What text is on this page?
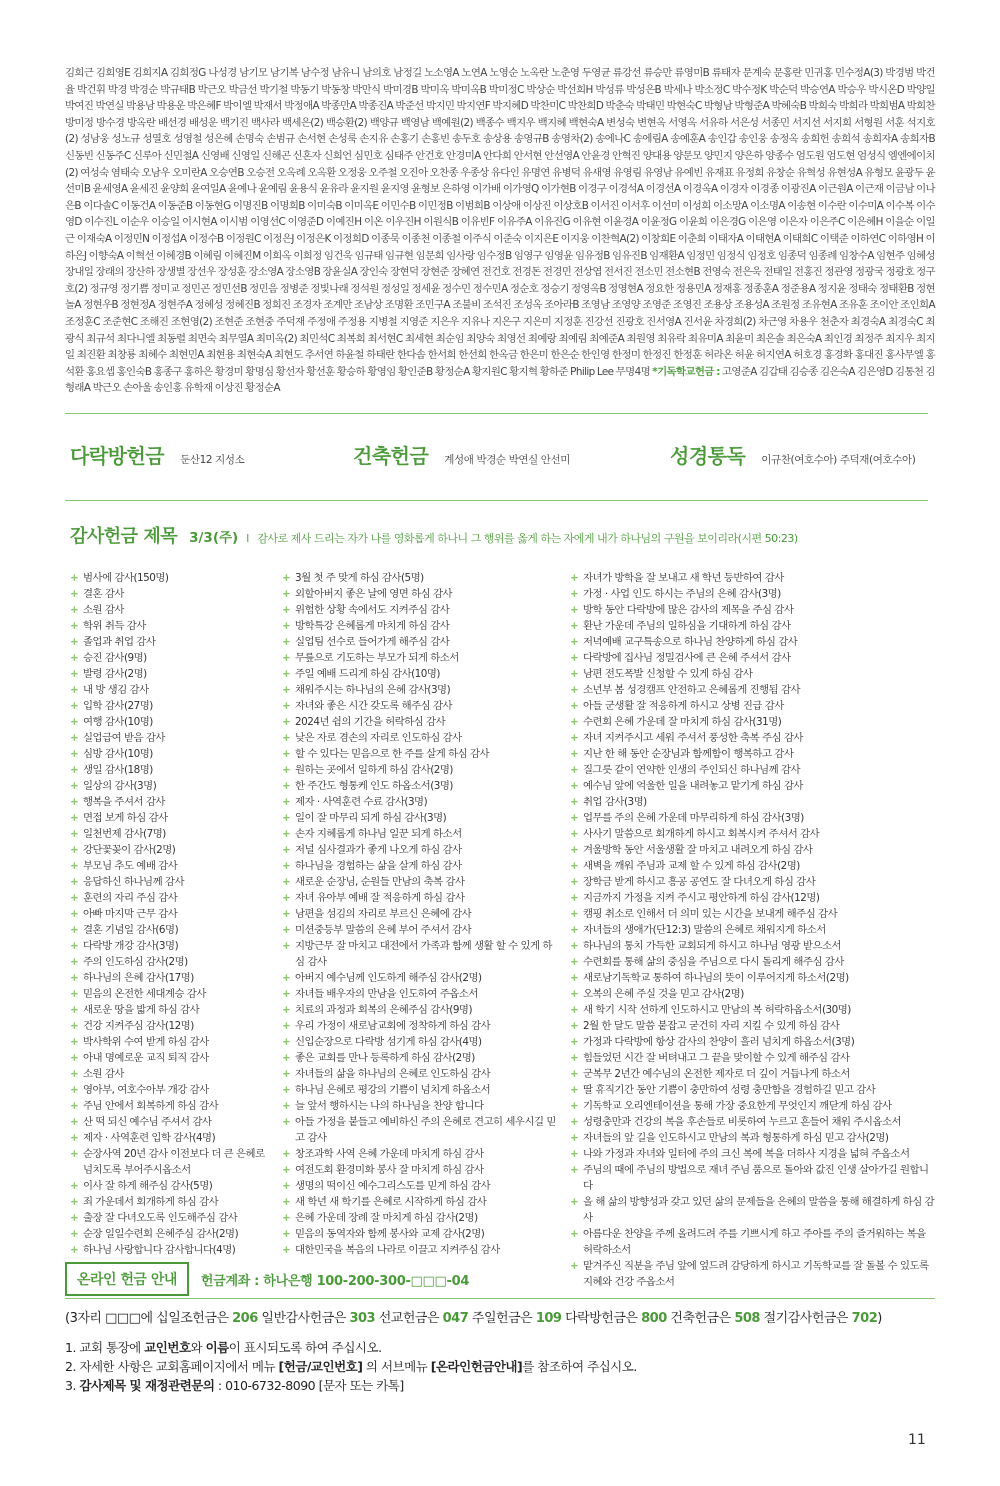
김희근 김희영E 김희지A 김희정G 나성경 남기모 남기복 남수정 남유니 남의호 남정길 노소영A 노연A 노영순 노옥란 노춘영 두영균 류강선 류승만 류영미B 류태자 문계숙 문홍란 민귀홍 민수정A(3) 박경범 박건율 박건휘 박경 박경순 박규태B 박근오 박금선 박기철 박동기 박동창 박만식 박미경B 박미옥 박미옥B 박미정C 박상순 박선희H 박성류 박성은B 박세나 박소정C 박수정K 박순덕 박승연A 박승우 박시온D 박양일 박여진 박연실 박용남 박용운 박은혜F 박이엘 박재서 박정애A 박종만A 박종진A 박준선 박지민 박지연F 박지혜D 박찬미C 박찬희D 박춘숙 박태민 박현숙C 박형남 박형준A 박혜숙B 박희숙 박희라 박희범A 박희찬 방미정 방수경 방옥란 배선경 배성운 백기진 백사라 백세은(2) 백승환(2) 백양규 백영남 백예원(2) 백종수 백지우 백지혜 백현숙A 변성숙 변현옥 서영옥 서유하 서은성 서종민 서지선 서지희 서형원 서훈 석지호(2) 성남웅 성노규 성열호 성영철 성은혜 손명숙 손범규 손서현 손성룩 손지유 손홍기 손홍빈 송두호 송상용 송영규B 송영차(2) 송에나C 송에림A 송예훈A 송인갑 송인웅 송정옥 송희헌 송희석 송희자A 송희자B 신동빈 신동주C 신루아 신민철A 신영배 신영일 신해곤 신혼자 신희언 심민호 심태주 안건호 안경미A 안다희 안서현 안선영A 안윤경 안혁진 양대용 양문모 양민지 양은하 양종수 엄도원 엄도현 엄성식 엠엔에이치(2) 여성숙 염태숙 오남우 오미란A 오승연B 오승전 오옥례 오옥환 오정웅 오주철 오진아 오찬종 우종상 유다인 유명연 유병덕 유새영 유영림 유영남 유예빈 유재표 유정희 유창순 유혁성 유현성A 유형모 윤광두 윤선미B 윤세영A 윤세진 윤양희 윤여일A 윤예나 윤예림 윤용식 윤유라 윤지원 윤지영 윤형보 은하영 이가배 이가영Q 이가현B 이경구 이경석A 이경선A 이경옥A 이경자 이경종 이광진A 이근원A 이근재 이금남 이나은B 이다솔C 이동건A 이동준B 이동현G 이명진B 이명희B 이미숙B 이미옥E 이민수B 이민정B 이범희B 이상애 이상진 이상호B 이서진 이서후 이선미 이성희 이소망A 이소명A 이송현 이수란 이수미A 이수복 이수영D 이수진L 이순우 이승일 이시현A 이시범 이영선C 이영준D 이예진H 이온 이우진H 이원식B 이유빈F 이유주A 이유진G 이유현 이윤경A 이윤정G 이윤희 이은경G 이은영 이은자 이은주C 이은혜H 이을순 이일근 이재숙A 이정민N 이정섭A 이정수B 이정원C 이정은J 이정은K 이정희D 이종묵 이종천 이종철 이주식 이준숙 이지은E 이지웅 이찬혁A(2) 이창희E 이춘희 이태자A 이태현A 이태희C 이택준 이하연C 이하영H 이하은J 이향숙A 이혁선 이혜경B 이혜림 이혜진M 이희옥 이희정 임건욱 임규태 임규현 임문희 임사랑 임수정B 임영구 임영윤 임유정B 임유진B 임재환A 임정민 임정식 임정호 임종덕 임종례 임창수A 임현주 임혜성 장내일 장래의 장산하 장생별 장선우 장성훈 장소영A 장소영B 장윤실A 장인숙 장현덕 장현준 장혜연 전건호 전경돈 전경민 전상엽 전서진 전소민 전소현B 전영숙 전은욱 전태일 전홍진 정관영 정광국 정광호 정구호(2) 정규영 정기쁨 정미교 정민곤 정민선B 정민음 정병준 정빛나래 정석원 정성일 정세윤 정수민 정수민A 정순호 정승기 정영옥B 정영현A 정요한 정용민A 정재홍 정종훈A 정준용A 정지윤 정태숙 정태환B 정현놀A 정현우B 정현정A 정현주A 정혜성 정혜진B 정희진 조경자 조계만 조남상 조명환 조민구A 조불비 조석진 조성옥 조아라B 조영남 조영양 조영준 조영진 조용상 조용성A 조원정 조유현A 조유훈 조이안 조인희A 조정훈C 조준현C 조해진 조현영(2) 조현준 조현중 주덕재 주정애 주정용 지병철 지영준 지은우 지유나 지은구 지은미 지정훈 진강선 진광호 진서영A 진서윤 차경희(2) 차근영 차용우 천춘자 최경숙A 최경숙C 최광식 최규석 최다니엘 최동렬 최면숙 최무열A 최미옥(2) 최민석C 최복희 최서현C 최세현 최순임 최양숙 최영선 최예랑 최예림 최예준A 최원영 최유락 최유미A 최윤미 최은솔 최은숙A 최인경 최정주 최지우 최지일 최진환 최창룡 최혜수 최현민A 최현용 최현숙A 최현도 추서연 하윤철 하태란 한다솜 한서희 한선희 한옥금 한은미 한은순 한인영 한정미 한정진 한정훈 허라온 허윤 허지연A 허호경 홍경화 홍대진 홍사무엘 홍석환 홍요셉 홍인숙B 홍종구 홍하은 황경미 황명심 황선자 황선훈 황승하 황영임 황인준B 황정순A 황지원C 황지혁 황하준 Philip Lee 무명4명 *기독학교헌금 : 고영준A 김갑태 김승종 김은숙A 김은영D 김통천 김형래A 박근오 손아울 송인홍 유학재 이상진 황정순A
다락방헌금 둔산12 지성소	건축헌금 계성애 박경순 박연실 안선미	성경통독 이규찬(여호수아) 주덕재(여호수아)
감사헌금 제목 3/3(주) l 감사로 제사 드리는 자가 나를 영화롭게 하나니 그 행위를 옳게 하는 자에게 내가 하나님의 구원을 보이리라(시편 50:23)
+ 범사에 감사(150명)
+ 결혼 감사
+ 소원 감사
+ 학위 취득 감사
+ 졸업과 취업 감사
+ 승진 감사(9명)
+ 발령 감사(2명)
+ 내 방 생김 감사
+ 입학 감사(27명)
+ 여행 감사(10명)
+ 실업급여 받음 감사
+ 심방 감사(10명)
+ 생일 감사(18명)
+ 일상의 감사(3명)
+ 행복을 주셔서 감사
+ 면접 보게 하심 감사
+ 일천번제 감사(7명)
+ 강단꽃꽂이 감사(2명)
+ 부모님 추도 예배 감사
+ 응답하신 하나님께 감사
+ 훈련의 자리 주심 감사
+ 아빠 마지막 근무 감사
+ 결혼 기념일 감사(6명)
+ 다락방 개강 감사(3명)
+ 주의 인도하심 감사(2명)
+ 하나님의 은혜 감사(17명)
+ 믿음의 온전한 세대계승 감사
+ 새로운 땅을 밟게 하심 감사
+ 건강 지켜주심 감사(12명)
+ 박사학위 수여 받게 하심 감사
+ 아내 명예로운 교직 퇴직 감사
+ 소원 감사
+ 영아부, 여호수아부 개강 감사
+ 주님 안에서 회복하게 하심 감사
+ 산 떡 되신 예수님 주셔서 감사
+ 제자 · 사역훈련 입학 감사(4명)
+ 순장사역 20년 감사 이전보다 더 큰 은혜로 넘치도록 부어주시옵소서
+ 이사 잘 하게 해주심 감사(5명)
+ 죄 가운데서 회개하게 하심 감사
+ 출장 잘 다녀오도록 인도해주심 감사
+ 순장 일일수련회 은혜주심 감사(2명)
+ 하나님 사랑합니다 감사합니다(4명)
+ 3월 첫 주 맞게 하심 감사(5명)
+ 외할아버지 좋은 날에 영면 하심 감사
+ 위험한 상황 속에서도 지켜주심 감사
+ 방학특강 은혜롭게 마치게 하심 감사
+ 실업팀 선수로 들어가게 해주심 감사
+ 무릎으로 기도하는 부모가 되게 하소서
+ 주일 예배 드리게 하심 감사(10명)
+ 채워주시는 하나님의 은혜 감사(3명)
+ 자녀와 좋은 시간 갖도록 해주심 감사
+ 2024년 쉼의 기간을 허락하심 감사
+ 낮은 자로 겸손의 자리로 인도하심 감사
+ 할 수 있다는 믿음으로 한 주를 살게 하심 감사
+ 원하는 곳에서 일하게 하심 감사(2명)
+ 한 주간도 형통케 인도 하옵소서(3명)
+ 제자 · 사역훈련 수료 감사(3명)
+ 일이 잘 마무리 되게 하심 감사(3명)
+ 손자 지혜롭게 하나님 일꾼 되게 하소서
+ 저널 심사결과가 좋게 나오게 하심 감사
+ 하나님을 경험하는 삶을 살게 하심 감사
+ 새로운 순장님, 순원들 만남의 축복 감사
+ 자녀 유아부 예배 잘 적응하게 하심 감사
+ 남편을 섬김의 자리로 부르신 은혜에 감사
+ 미션중등부 말씀의 은혜 부어 주셔서 감사
+ 지방근무 잘 마치고 대전에서 가족과 함께 생활 할 수 있게 하심 감사
+ 아버지 예수님께 인도하게 해주심 감사(2명)
+ 자녀들 배우자의 만남을 인도하여 주옵소서
+ 치료의 과정과 회복의 은혜주심 감사(9명)
+ 우리 가정이 새로남교회에 정착하게 하심 감사
+ 신입순장으로 다락방 섬기게 하심 감사(4명)
+ 좋은 교회를 만나 등록하게 하심 감사(2명)
+ 자녀들의 삶을 하나님의 은혜로 인도하심 감사
+ 하나님 은혜로 평강의 기쁨이 넘치게 하옵소서
+ 늘 앞서 행하시는 나의 하나님을 찬양 합니다
+ 아들 가정을 붙들고 예비하신 주의 은혜로 견고히 세우시길 믿고 감사
+ 창조과학 사역 은혜 가운데 마치게 하심 감사
+ 여전도회 환경미화 봉사 잘 마치게 하심 감사
+ 생명의 떡이신 예수그리스도를 믿게 하심 감사
+ 새 학년 새 학기를 은혜로 시작하게 하심 감사
+ 은혜 가운데 장례 잘 마치게 하심 감사(2명)
+ 믿음의 동역자와 함께 봉사와 교제 감사(2명)
+ 대한민국을 복음의 나라로 이끌고 지켜주심 감사
+ 자녀가 방학을 잘 보내고 새 학년 등반하여 감사
+ 가정 · 사업 인도 하시는 주님의 은혜 감사(3명)
+ 방학 동안 다락방에 많은 감사의 제목을 주심 감사
+ 환난 가운데 주님의 일하심을 기대하게 하심 감사
+ 저녁예배 교구특송으로 하나님 찬양하게 하심 감사
+ 다락방에 집사님 정밀검사에 큰 은혜 주셔서 감사
+ 남편 전도폭발 신청할 수 있게 하심 감사
+ 소년부 봄 성경캠프 안전하고 은혜롭게 진행됨 감사
+ 아들 군생활 잘 적응하게 하시고 상병 진급 감사
+ 수련회 은혜 가운데 잘 마치게 하심 감사(31명)
+ 자녀 지켜주시고 세워 주셔서 풍성한 축복 주심 감사
+ 지난 한 해 동안 순장님과 함께함이 행복하고 감사
+ 질그릇 같이 연약한 인생의 주인되신 하나님께 감사
+ 예수님 앞에 억울한 일을 내려놓고 맡기게 하심 감사
+ 취업 감사(3명)
+ 업무를 주의 은혜 가운데 마무리하게 하심 감사(3명)
+ 사사기 말씀으로 회개하게 하시고 회복시켜 주셔서 감사
+ 겨울방학 동안 서울생활 잘 마치고 내려오게 하심 감사
+ 새벽을 깨워 주님과 교제 할 수 있게 하심 감사(2명)
+ 장학금 받게 하시고 흥공 공연도 잘 다녀오게 하심 감사
+ 지금까지 가정을 지켜 주시고 평안하게 하심 감사(12명)
+ 캠핑 취소로 인해서 더 의미 있는 시간을 보내게 해주심 감사
+ 자녀들의 생애가(단12:3) 말씀의 은혜로 채워지게 하소서
+ 하나님의 통치 가득한 교회되게 하시고 하나님 영광 받으소서
+ 수련회를 통해 삶의 중심을 주님으로 다시 돌리게 해주심 감사
+ 새로남기독학교 통하여 하나님의 뜻이 이루어지게 하소서(2명)
+ 오복의 은혜 주실 것을 믿고 감사(2명)
+ 새 학기 시작 선하게 인도하시고 만남의 복 허락하옵소서(30명)
+ 2월 한 달도 말씀 붙잡고 굳건히 자리 지킬 수 있게 하심 감사
+ 가정과 다락방에 항상 감사의 찬양이 흘러 넘치게 하옵소서(3명)
+ 힘들었던 시간 잘 버텨내고 그 끝을 맞이할 수 있게 해주심 감사
+ 군복무 2년간 예수님의 온전한 제자로 더 깊이 거듭나게 하소서
+ 딸 휴직기간 동안 기쁨이 충만하여 성령 충만함을 경험하길 믿고 감사
+ 기독학교 오리엔테이션을 통해 가장 중요한게 무엇인지 깨닫게 하심 감사
+ 성령충만과 건강의 복을 후손들로 비롯하여 누르고 흔들어 채워 주시옵소서
+ 자녀들의 앞 길을 인도하시고 만남의 복과 형통하게 하심 믿고 감사(2명)
+ 나와 가정과 자녀와 일터에 주의 크신 복에 복을 더하사 지경을 넓혀 주옵소서
+ 주님의 때에 주님의 방법으로 재녀 주님 품으로 돌아와 값진 인생 살아가길 원합니다
+ 올 해 삶의 방향성과 갖고 있던 삶의 문제들을 은혜의 말씀을 통해 해결하게 하심 감사
+ 아름다운 찬양을 주께 올려드려 주를 기쁘시게 하고 주아를 주의 즐거워하는 복을 허락하소서
+ 맡겨주신 직분을 주님 앞에 엎드려 감당하게 하시고 기독학교를 잘 돌볼 수 있도록 지혜와 건강 주옵소서
온라인 헌금 안내	헌금계좌 : 하나은행 100-200-300-□□□-04
(3자리 □□□에 십일조헌금은 206 일반감사헌금은 303 선교헌금은 047 주일헌금은 109 다락방헌금은 800 건축헌금은 508 절기감사헌금은 702)
1. 교회 통장에 교인번호와 이름이 표시되도록 하여 주십시오.
2. 자세한 사항은 교회홈페이지에서 메뉴 [헌금/교인번호] 의 서브메뉴 [온라인헌금안내]를 참조하여 주십시오.
3. 감사제목 및 재정관련문의 : 010-6732-8090 [문자 또는 카톡]
11
